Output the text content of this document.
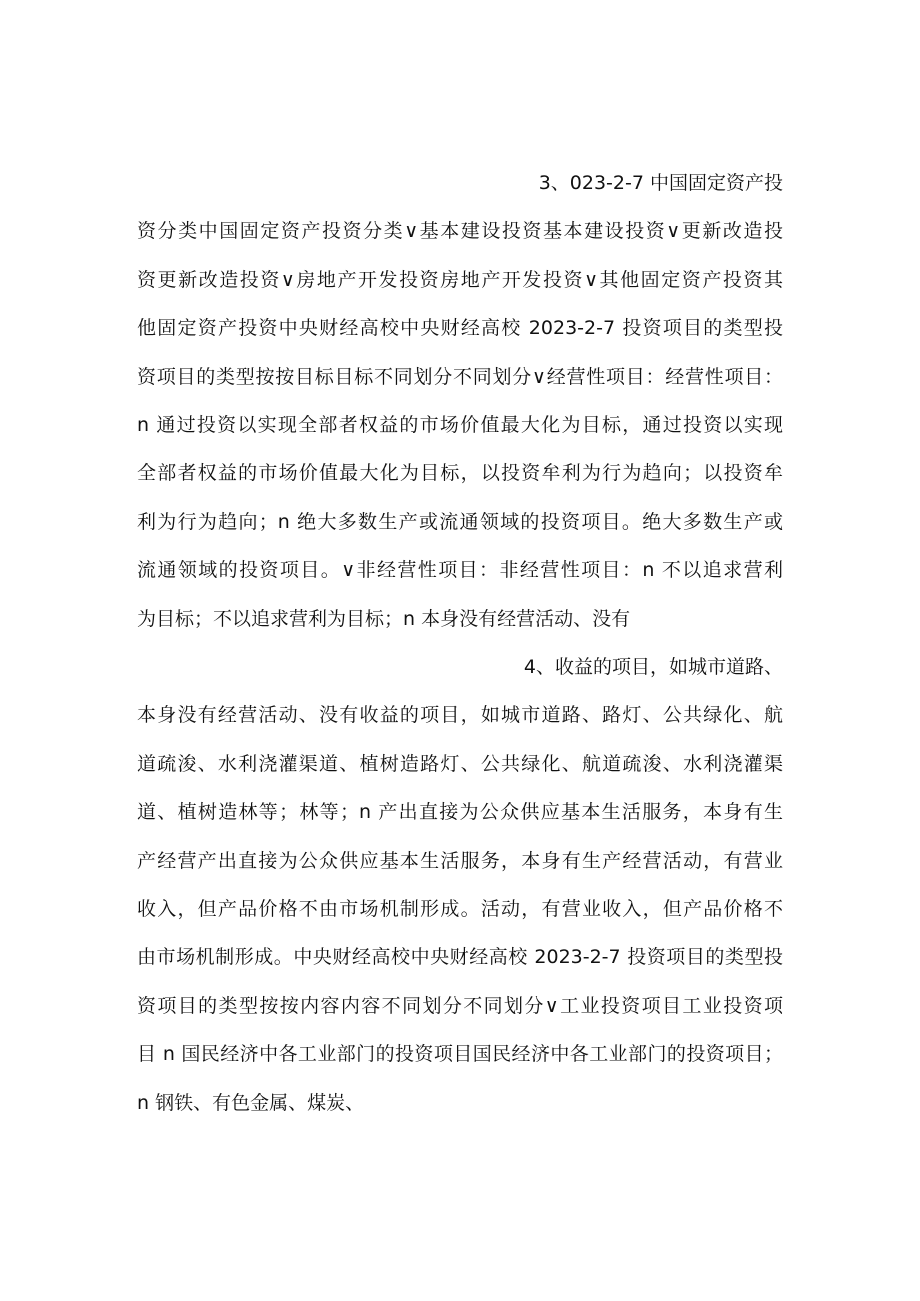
3、023-2-7 中国固定资产投
资分类中国固定资产投资分类∨基本建设投资基本建设投资∨更新改造投
资更新改造投资∨房地产开发投资房地产开发投资∨其他固定资产投资其
他固定资产投资中央财经高校中央财经高校 2023-2-7 投资项目的类型投
资项目的类型按按目标目标不同划分不同划分∨经营性项目：经营性项目：
n 通过投资以实现全部者权益的市场价值最大化为目标，通过投资以实现
全部者权益的市场价值最大化为目标，以投资牟利为行为趋向；以投资牟
利为行为趋向；n 绝大多数生产或流通领域的投资项目。绝大多数生产或
流通领域的投资项目。∨非经营性项目：非经营性项目：n 不以追求营利
为目标；不以追求营利为目标；n 本身没有经营活动、没有
4、收益的项目，如城市道路、
本身没有经营活动、没有收益的项目，如城市道路、路灯、公共绿化、航
道疏浚、水利浇灌渠道、植树造路灯、公共绿化、航道疏浚、水利浇灌渠
道、植树造林等；林等；n 产出直接为公众供应基本生活服务，本身有生
产经营产出直接为公众供应基本生活服务，本身有生产经营活动，有营业
收入，但产品价格不由市场机制形成。活动，有营业收入，但产品价格不
由市场机制形成。中央财经高校中央财经高校 2023-2-7 投资项目的类型投
资项目的类型按按内容内容不同划分不同划分∨工业投资项目工业投资项
目 n 国民经济中各工业部门的投资项目国民经济中各工业部门的投资项目；
n 钢铁、有色金属、煤炭、
